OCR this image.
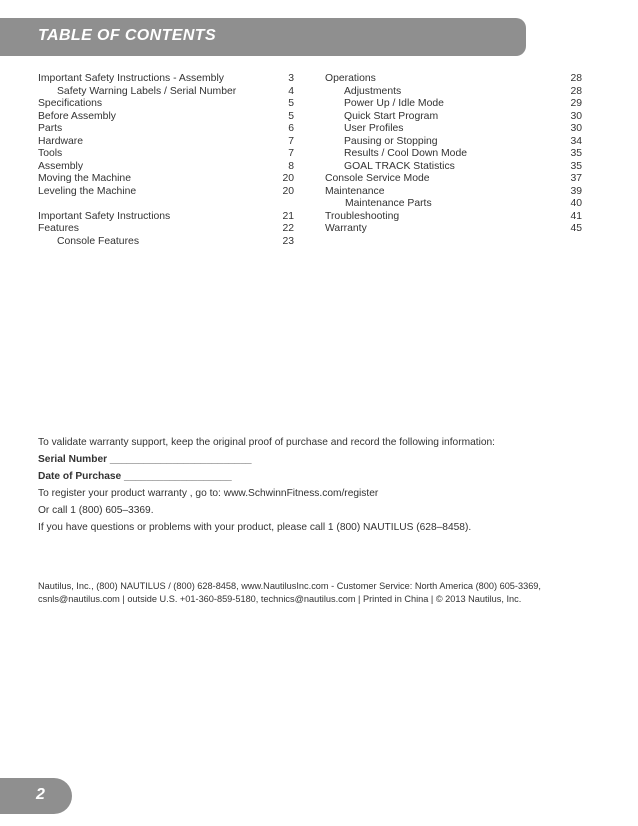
TABLE OF CONTENTS
Important Safety Instructions - Assembly	3
Safety Warning Labels / Serial Number	4
Specifications	5
Before Assembly	5
Parts	6
Hardware	7
Tools	7
Assembly	8
Moving the Machine	20
Leveling the Machine	20
Important Safety Instructions	21
Features	22
Console Features	23
Operations	28
Adjustments	28
Power Up / Idle Mode	29
Quick Start Program	30
User Profiles	30
Pausing or Stopping	34
Results / Cool Down Mode	35
GOAL TRACK Statistics	35
Console Service Mode	37
Maintenance	39
Maintenance Parts	40
Troubleshooting	41
Warranty	45
To validate warranty support, keep the original proof of purchase and record the following information:
Serial Number _________________________
Date of Purchase ___________________
To register your product warranty , go to: www.SchwinnFitness.com/register
Or call 1 (800) 605–3369.
If you have questions or problems with your product, please call 1 (800) NAUTILUS (628–8458).
Nautilus, Inc., (800) NAUTILUS / (800) 628-8458, www.NautilusInc.com - Customer Service: North America (800) 605-3369,
csnls@nautilus.com | outside U.S. +01-360-859-5180, technics@nautilus.com | Printed in China | © 2013 Nautilus, Inc.
2
